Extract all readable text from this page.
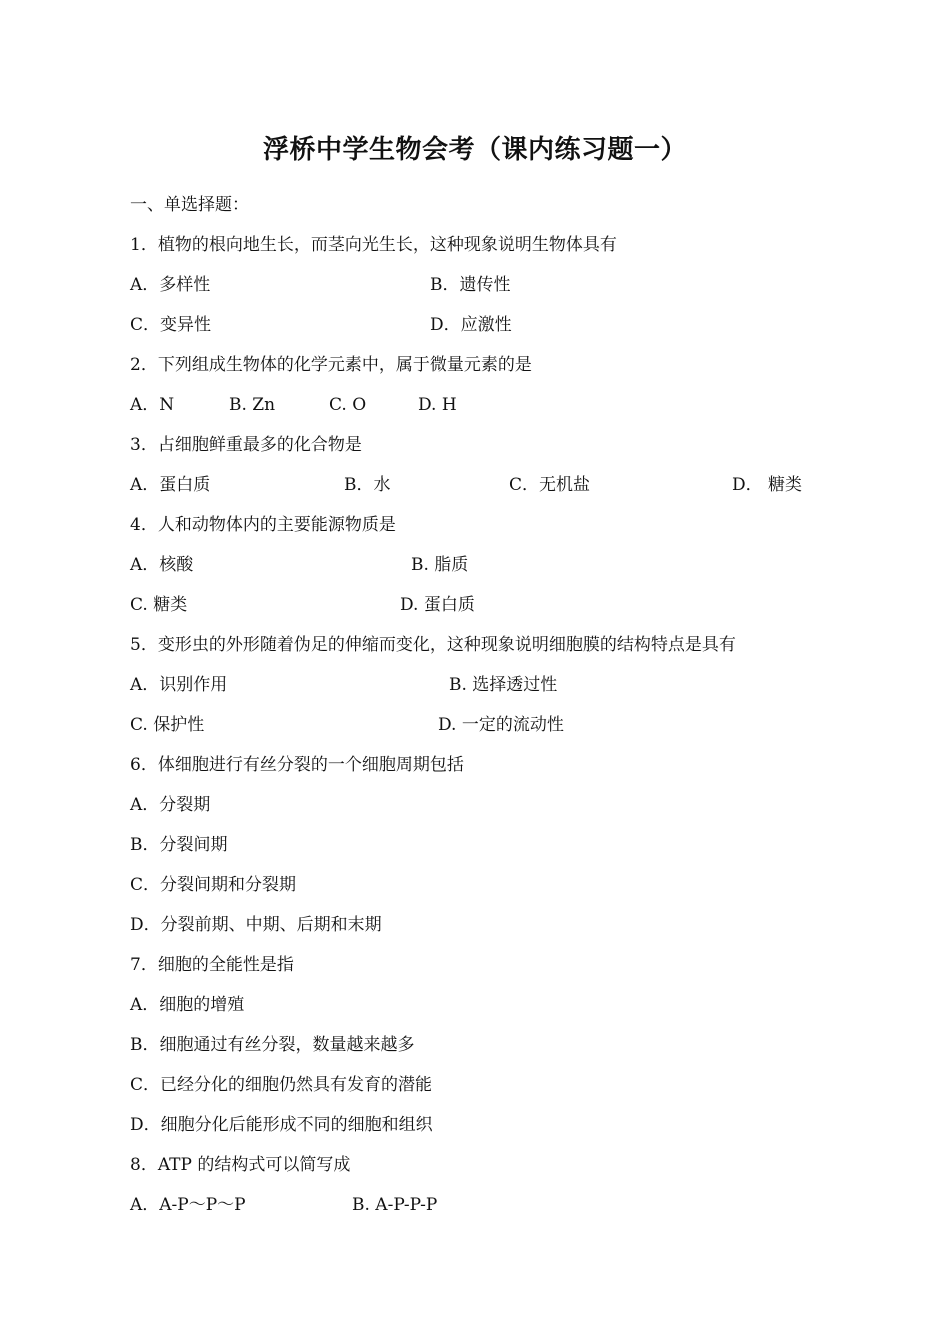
浮桥中学生物会考（课内练习题一）
一、单选择题：
1．植物的根向地生长，而茎向光生长，这种现象说明生物体具有
A．多样性	B．遗传性
C．变异性	D．应激性
2．下列组成生物体的化学元素中，属于微量元素的是
A．N	B. Zn	C. O	D. H
3．占细胞鲜重最多的化合物是
A．蛋白质	B．水	C．无机盐	D． 糖类
4．人和动物体内的主要能源物质是
A．核酸	B. 脂质
C. 糖类	D. 蛋白质
5．变形虫的外形随着伪足的伸缩而变化，这种现象说明细胞膜的结构特点是具有
A．识别作用	B. 选择透过性
C. 保护性	D. 一定的流动性
6．体细胞进行有丝分裂的一个细胞周期包括
A．分裂期
B．分裂间期
C．分裂间期和分裂期
D．分裂前期、中期、后期和末期
7．细胞的全能性是指
A．细胞的增殖
B．细胞通过有丝分裂，数量越来越多
C．已经分化的细胞仍然具有发育的潜能
D．细胞分化后能形成不同的细胞和组织
8．ATP 的结构式可以简写成
A．A-P～P～P	B. A-P-P-P
